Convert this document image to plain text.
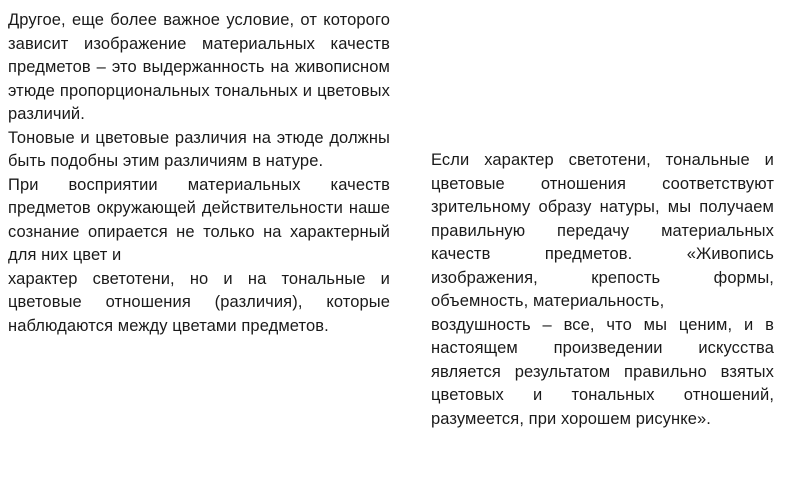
Другое, еще более важное условие, от которого зависит изображение материальных качеств предметов – это выдержанность на живописном этюде пропорциональных тональных и цветовых различий.

Тоновые и цветовые различия на этюде должны быть подобны этим различиям в натуре.

При восприятии материальных качеств предметов окружающей действительности наше сознание опирается не только на характерный для них цвет и

характер светотени, но и на тональные и цветовые отношения (различия), которые наблюдаются между цветами предметов.

Если характер светотени, тональные и цветовые отношения соответствуют зрительному образу натуры, мы получаем правильную передачу материальных качеств предметов. «Живопись изображения, крепость формы, объемность, материальность,

воздушность – все, что мы ценим, и в настоящем произведении искусства является результатом правильно взятых цветовых и тональных отношений, разумеется, при хорошем рисунке».
